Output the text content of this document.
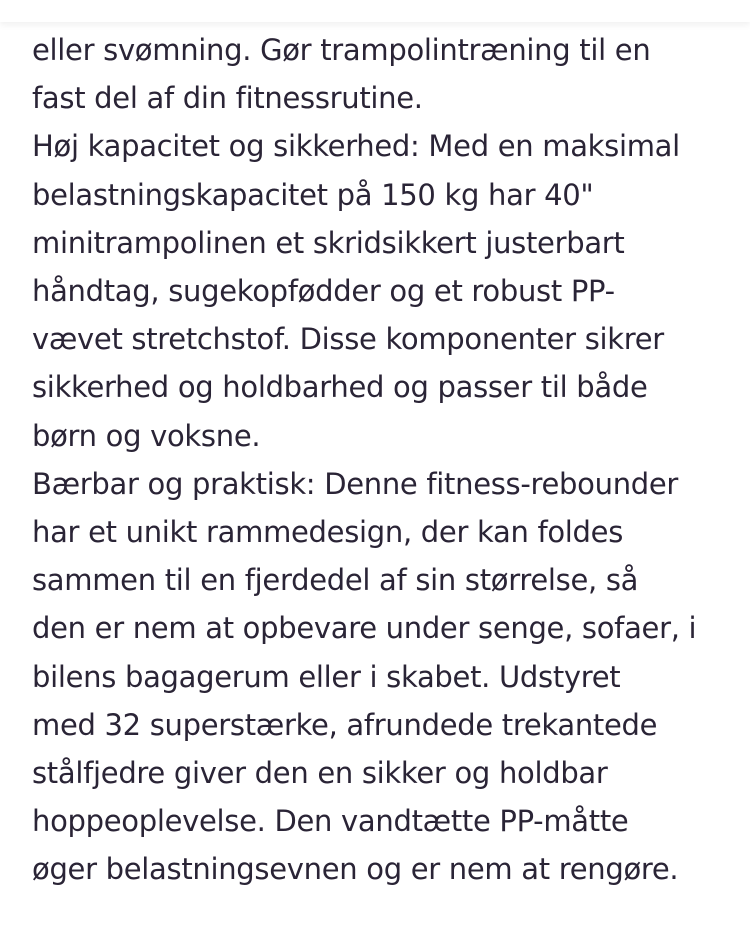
eller svømning. Gør trampolintræning til en
fast del af din fitnessrutine.
Høj kapacitet og sikkerhed: Med en maksimal
belastningskapacitet på 150 kg har 40"
minitrampolinen et skridsikkert justerbart
håndtag, sugekopfødder og et robust PP-
vævet stretchstof. Disse komponenter sikrer
sikkerhed og holdbarhed og passer til både
børn og voksne.
Bærbar og praktisk: Denne fitness-rebounder
har et unikt rammedesign, der kan foldes
sammen til en fjerdedel af sin størrelse, så
den er nem at opbevare under senge, sofaer, i
bilens bagagerum eller i skabet. Udstyret
med 32 superstærke, afrundede trekantede
stålfjedre giver den en sikker og holdbar
hoppeoplevelse. Den vandtætte PP-måtte
øger belastningsevnen og er nem at rengøre.
